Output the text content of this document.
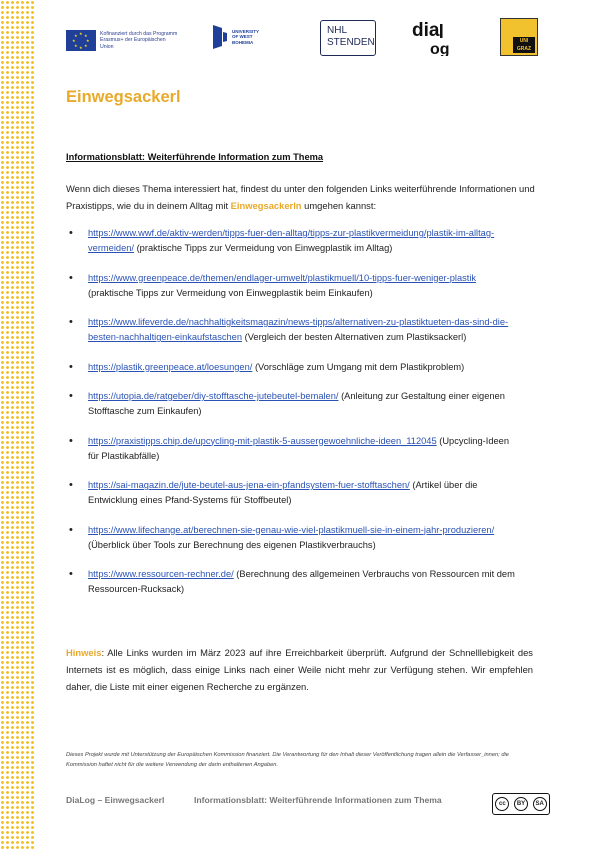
★ ★
★
★
★
★
★
★	Kofinanziert durch das Programm Erasmus+ der Europäischen Union
UNIVERSITY
OF WEST
BOHEMIA
NHL
STENDEN
dia
og	UNI GRAZ
Einwegsackerl
Informationsblatt: Weiterführende Information zum Thema
Wenn dich dieses Thema interessiert hat, findest du unter den folgenden Links weiterführende Informationen und Praxistipps, wie du in deinem Alltag mit Einwegsackerln umgehen kannst:
• https://www.wwf.de/aktiv-werden/tipps-fuer-den-alltag/tipps-zur-plastikvermeidung/plastik-im-alltag-vermeiden/ (praktische Tipps zur Vermeidung von Einwegplastik im Alltag)
• https://www.greenpeace.de/themen/endlager-umwelt/plastikmuell/10-tipps-fuer-weniger-plastik (praktische Tipps zur Vermeidung von Einwegplastik beim Einkaufen)
• https://www.lifeverde.de/nachhaltigkeitsmagazin/news-tipps/alternativen-zu-plastiktueten-das-sind-die-besten-nachhaltigen-einkaufstaschen (Vergleich der besten Alternativen zum Plastiksackerl)
• https://plastik.greenpeace.at/loesungen/ (Vorschläge zum Umgang mit dem Plastikproblem)
• https://utopia.de/ratgeber/diy-stofftasche-jutebeutel-bemalen/ (Anleitung zur Gestaltung einer eigenen Stofftasche zum Einkaufen)
• https://praxistipps.chip.de/upcycling-mit-plastik-5-aussergewoehnliche-ideen_112045 (Upcycling-Ideen für Plastikabfälle)
• https://sai-magazin.de/jute-beutel-aus-jena-ein-pfandsystem-fuer-stofftaschen/ (Artikel über die Entwicklung eines Pfand-Systems für Stoffbeutel)
• https://www.lifechange.at/berechnen-sie-genau-wie-viel-plastikmuell-sie-in-einem-jahr-produzieren/ (Überblick über Tools zur Berechnung des eigenen Plastikverbrauchs)
• https://www.ressourcen-rechner.de/ (Berechnung des allgemeinen Verbrauchs von Ressourcen mit dem Ressourcen-Rucksack)
Hinweis: Alle Links wurden im März 2023 auf ihre Erreichbarkeit überprüft. Aufgrund der Schnelllebigkeit des Internets ist es möglich, dass einige Links nach einer Weile nicht mehr zur Verfügung stehen. Wir empfehlen daher, die Liste mit einer eigenen Recherche zu ergänzen.
Dieses Projekt wurde mit Unterstützung der Europäischen Kommission finanziert. Die Verantwortung für den Inhalt dieser Veröffentlichung tragen allein die Verfasser_innen; die Kommission haftet nicht für die weitere Verwendung der darin enthaltenen Angaben.
DiaLog – Einwegsackerl	Informationsblatt: Weiterführende Informationen zum Thema	cc	BY	SA
